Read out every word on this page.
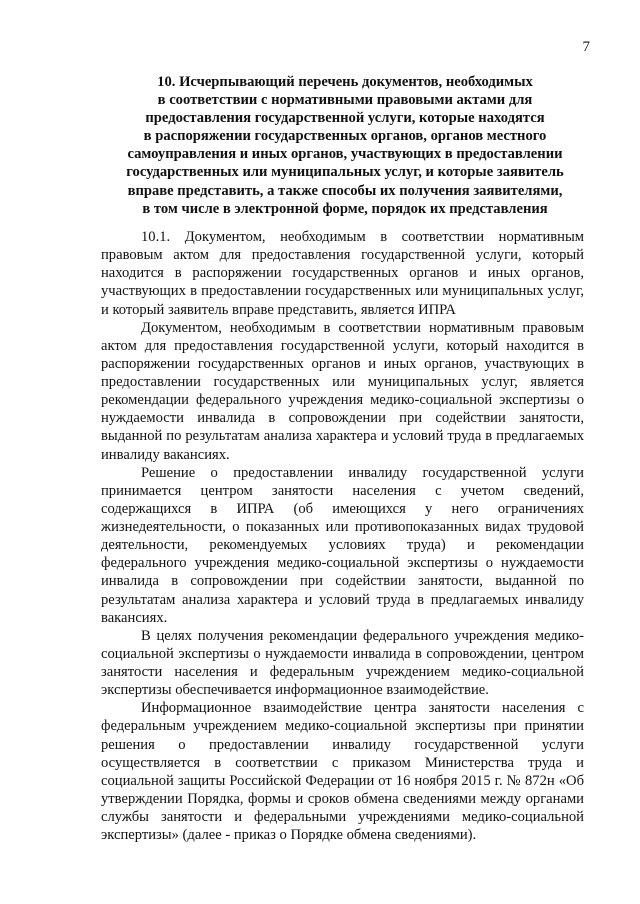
7
10. Исчерпывающий перечень документов, необходимых
в соответствии с нормативными правовыми актами для
предоставления государственной услуги, которые находятся
в распоряжении государственных органов, органов местного
самоуправления и иных органов, участвующих в предоставлении
государственных или муниципальных услуг, и которые заявитель
вправе представить, а также способы их получения заявителями,
в том числе в электронной форме, порядок их представления

10.1. Документом, необходимым в соответствии нормативным правовым актом для предоставления государственной услуги, который находится в распоряжении государственных органов и иных органов, участвующих в предоставлении государственных или муниципальных услуг, и который заявитель вправе представить, является ИПРА

Документом, необходимым в соответствии нормативным правовым актом для предоставления государственной услуги, который находится в распоряжении государственных органов и иных органов, участвующих в предоставлении государственных или муниципальных услуг, является рекомендации федерального учреждения медико-социальной экспертизы о нуждаемости инвалида в сопровождении при содействии занятости, выданной по результатам анализа характера и условий труда в предлагаемых инвалиду вакансиях.

Решение о предоставлении инвалиду государственной услуги принимается центром занятости населения с учетом сведений, содержащихся в ИПРА (об имеющихся у него ограничениях жизнедеятельности, о показанных или противопоказанных видах трудовой деятельности, рекомендуемых условиях труда) и рекомендации федерального учреждения медико-социальной экспертизы о нуждаемости инвалида в сопровождении при содействии занятости, выданной по результатам анализа характера и условий труда в предлагаемых инвалиду вакансиях.

В целях получения рекомендации федерального учреждения медико-социальной экспертизы о нуждаемости инвалида в сопровождении, центром занятости населения и федеральным учреждением медико-социальной экспертизы обеспечивается информационное взаимодействие.

Информационное взаимодействие центра занятости населения с федеральным учреждением медико-социальной экспертизы при принятии решения о предоставлении инвалиду государственной услуги осуществляется в соответствии с приказом Министерства труда и социальной защиты Российской Федерации от 16 ноября 2015 г. № 872н «Об утверждении Порядка, формы и сроков обмена сведениями между органами службы занятости и федеральными учреждениями медико-социальной экспертизы» (далее - приказ о Порядке обмена сведениями).
